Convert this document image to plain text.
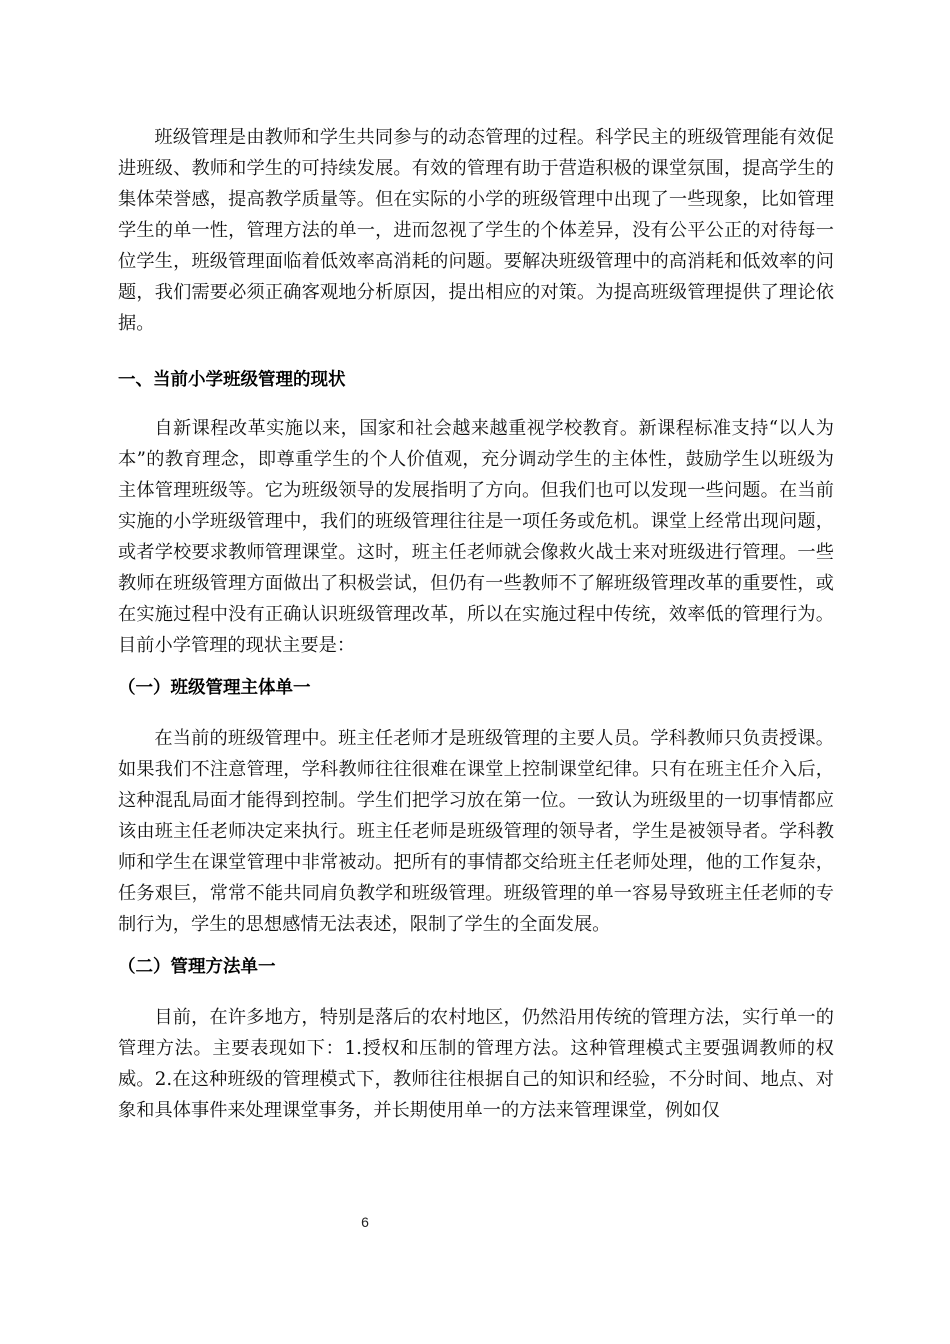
班级管理是由教师和学生共同参与的动态管理的过程。科学民主的班级管理能有效促进班级、教师和学生的可持续发展。有效的管理有助于营造积极的课堂氛围，提高学生的集体荣誉感，提高教学质量等。但在实际的小学的班级管理中出现了一些现象，比如管理学生的单一性，管理方法的单一，进而忽视了学生的个体差异，没有公平公正的对待每一位学生，班级管理面临着低效率高消耗的问题。要解决班级管理中的高消耗和低效率的问题，我们需要必须正确客观地分析原因，提出相应的对策。为提高班级管理提供了理论依据。

一、当前小学班级管理的现状

自新课程改革实施以来，国家和社会越来越重视学校教育。新课程标准支持“以人为本”的教育理念，即尊重学生的个人价值观，充分调动学生的主体性，鼓励学生以班级为主体管理班级等。它为班级领导的发展指明了方向。但我们也可以发现一些问题。在当前实施的小学班级管理中，我们的班级管理往往是一项任务或危机。课堂上经常出现问题，或者学校要求教师管理课堂。这时，班主任老师就会像救火战士来对班级进行管理。一些教师在班级管理方面做出了积极尝试，但仍有一些教师不了解班级管理改革的重要性，或在实施过程中没有正确认识班级管理改革，所以在实施过程中传统，效率低的管理行为。目前小学管理的现状主要是：

（一）班级管理主体单一

在当前的班级管理中。班主任老师才是班级管理的主要人员。学科教师只负责授课。如果我们不注意管理，学科教师往往很难在课堂上控制课堂纪律。只有在班主任介入后，这种混乱局面才能得到控制。学生们把学习放在第一位。一致认为班级里的一切事情都应该由班主任老师决定来执行。班主任老师是班级管理的领导者，学生是被领导者。学科教师和学生在课堂管理中非常被动。把所有的事情都交给班主任老师处理，他的工作复杂，任务艰巨，常常不能共同肩负教学和班级管理。班级管理的单一容易导致班主任老师的专制行为，学生的思想感情无法表述，限制了学生的全面发展。

（二）管理方法单一

目前，在许多地方，特别是落后的农村地区，仍然沿用传统的管理方法，实行单一的管理方法。主要表现如下：1.授权和压制的管理方法。这种管理模式主要强调教师的权威。2.在这种班级的管理模式下，教师往往根据自己的知识和经验，不分时间、地点、对象和具体事件来处理课堂事务，并长期使用单一的方法来管理课堂，例如仅

6
